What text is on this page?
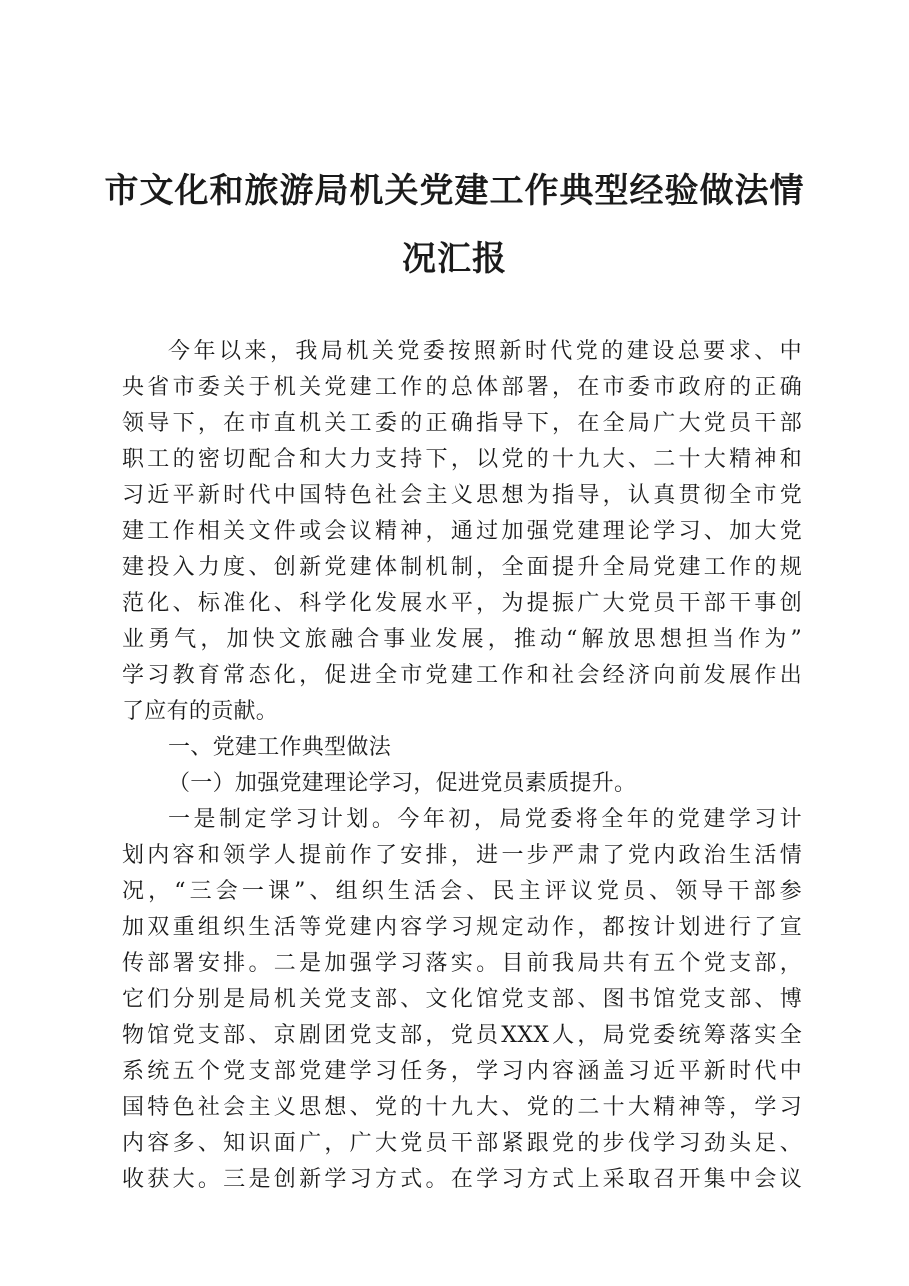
市文化和旅游局机关党建工作典型经验做法情
况汇报
今年以来，我局机关党委按照新时代党的建设总要求、中
央省市委关于机关党建工作的总体部署，在市委市政府的正确
领导下，在市直机关工委的正确指导下，在全局广大党员干部
职工的密切配合和大力支持下，以党的十九大、二十大精神和
习近平新时代中国特色社会主义思想为指导，认真贯彻全市党
建工作相关文件或会议精神，通过加强党建理论学习、加大党
建投入力度、创新党建体制机制，全面提升全局党建工作的规
范化、标准化、科学化发展水平，为提振广大党员干部干事创
业勇气，加快文旅融合事业发展，推动“解放思想担当作为”
学习教育常态化，促进全市党建工作和社会经济向前发展作出
了应有的贡献。
一、党建工作典型做法
（一）加强党建理论学习，促进党员素质提升。
一是制定学习计划。今年初，局党委将全年的党建学习计
划内容和领学人提前作了安排，进一步严肃了党内政治生活情
况，“三会一课”、组织生活会、民主评议党员、领导干部参
加双重组织生活等党建内容学习规定动作，都按计划进行了宣
传部署安排。二是加强学习落实。目前我局共有五个党支部，
它们分别是局机关党支部、文化馆党支部、图书馆党支部、博
物馆党支部、京剧团党支部，党员XXX人，局党委统筹落实全
系统五个党支部党建学习任务，学习内容涵盖习近平新时代中
国特色社会主义思想、党的十九大、党的二十大精神等，学习
内容多、知识面广，广大党员干部紧跟党的步伐学习劲头足、
收获大。三是创新学习方式。在学习方式上采取召开集中会议
